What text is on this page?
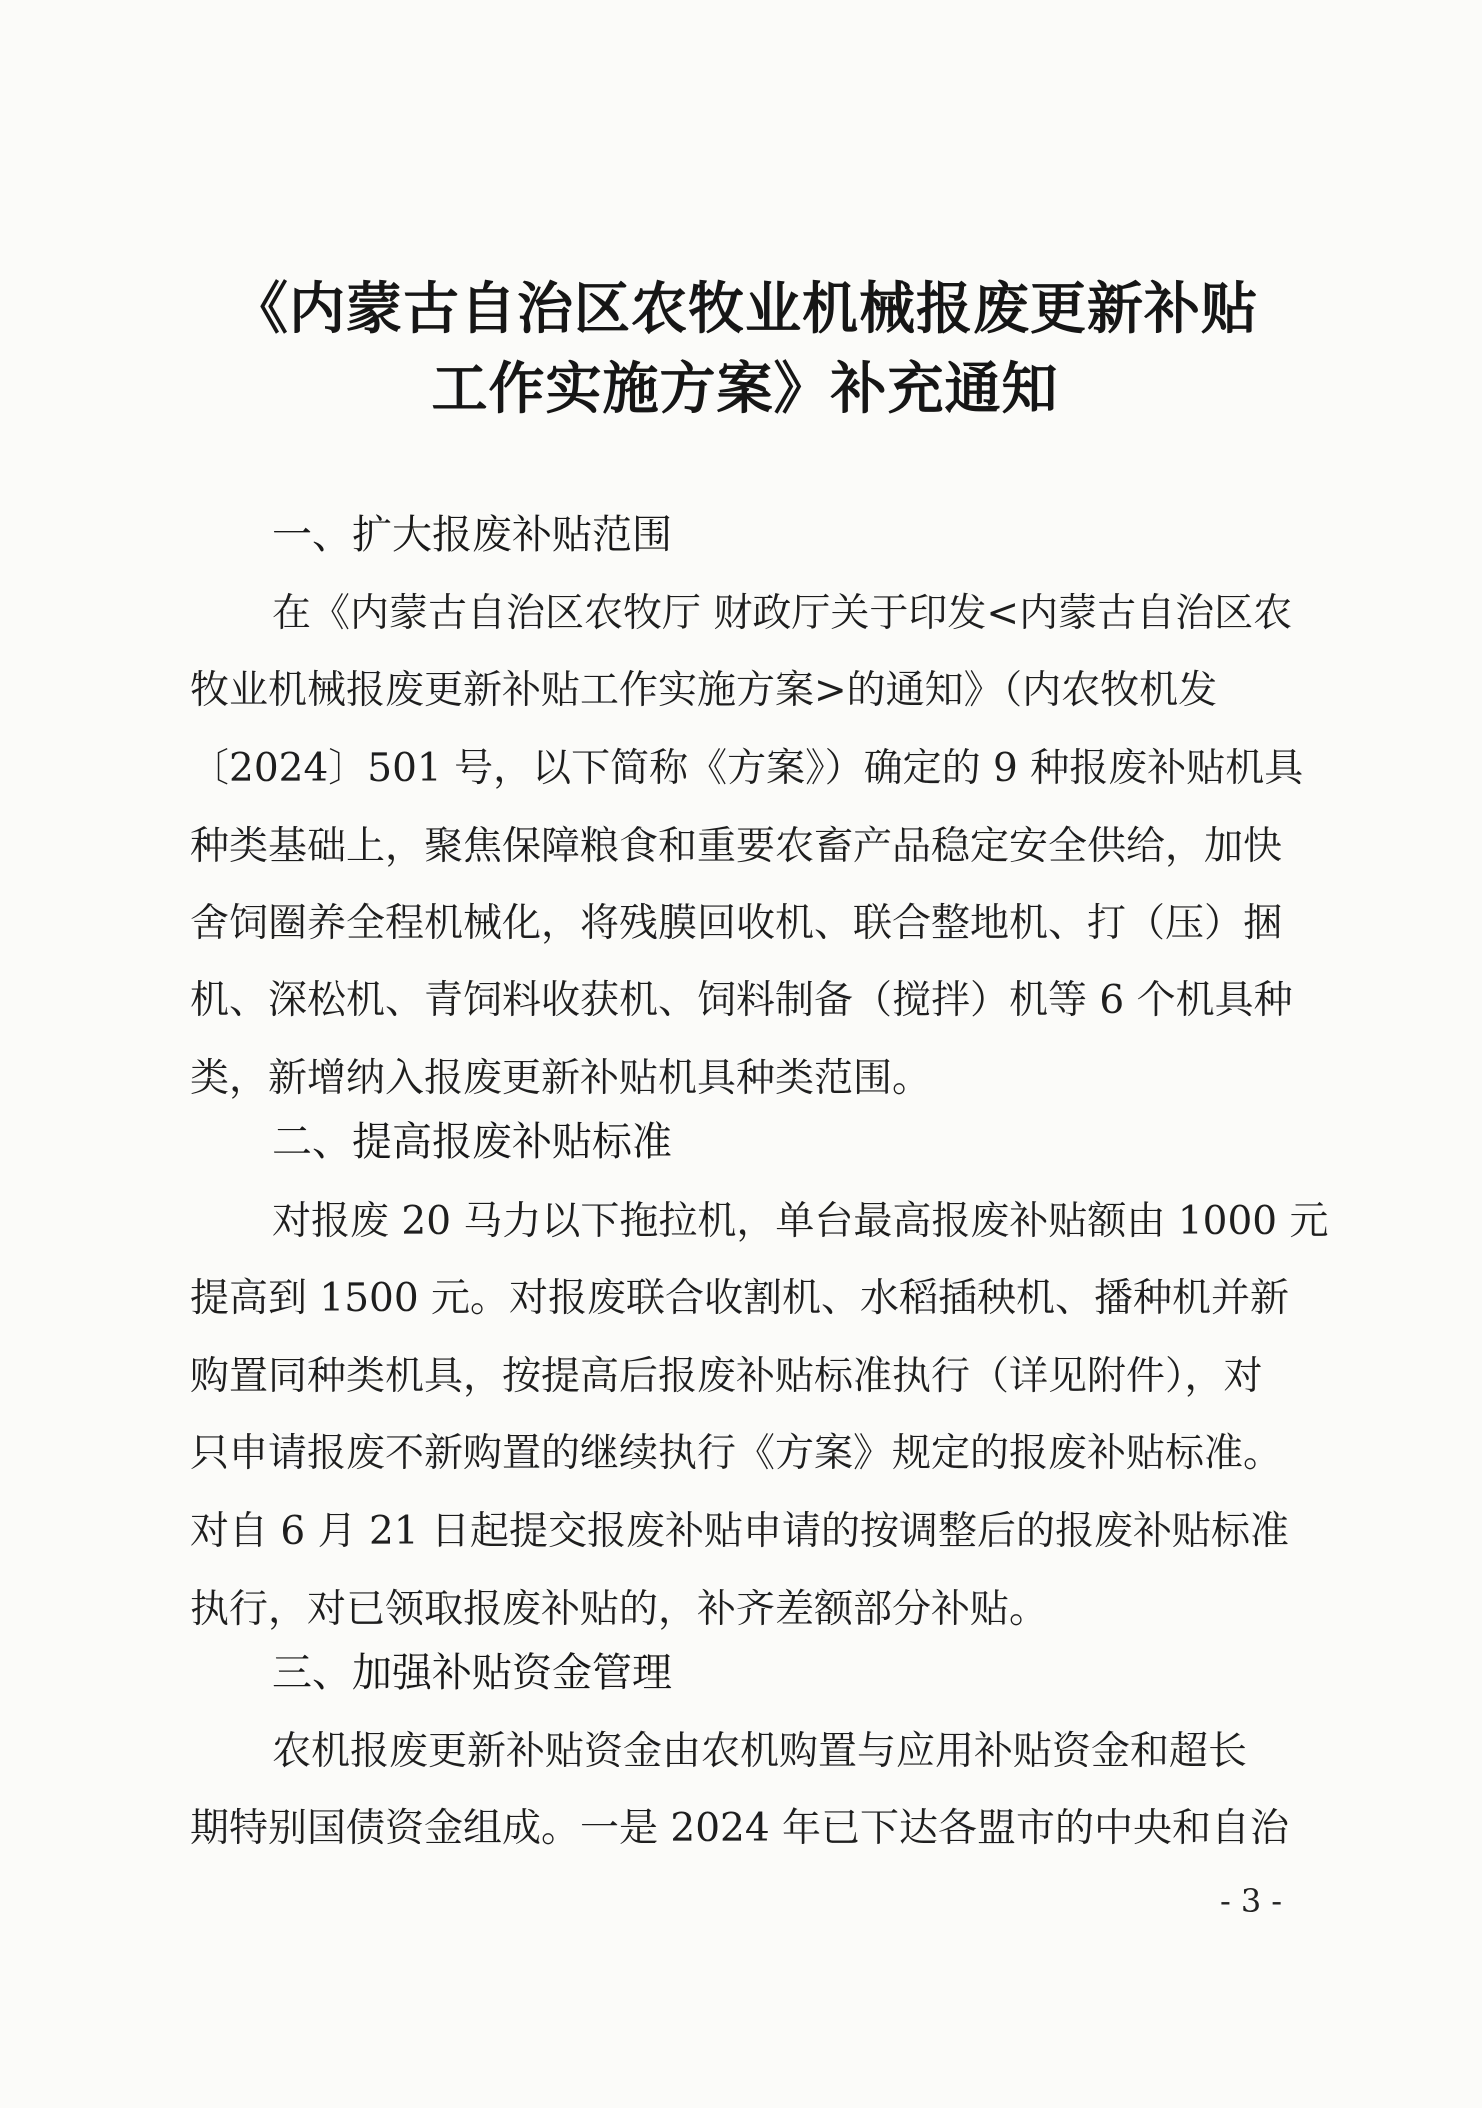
《内蒙古自治区农牧业机械报废更新补贴
工作实施方案》补充通知
一、扩大报废补贴范围
在《内蒙古自治区农牧厅 财政厅关于印发<内蒙古自治区农
牧业机械报废更新补贴工作实施方案>的通知》（内农牧机发
〔2024〕501 号，以下简称《方案》）确定的 9 种报废补贴机具
种类基础上，聚焦保障粮食和重要农畜产品稳定安全供给，加快
舍饲圈养全程机械化，将残膜回收机、联合整地机、打（压）捆
机、深松机、青饲料收获机、饲料制备（搅拌）机等 6 个机具种
类，新增纳入报废更新补贴机具种类范围。
二、提高报废补贴标准
对报废 20 马力以下拖拉机，单台最高报废补贴额由 1000 元
提高到 1500 元。对报废联合收割机、水稻插秧机、播种机并新
购置同种类机具，按提高后报废补贴标准执行（详见附件），对
只申请报废不新购置的继续执行《方案》规定的报废补贴标准。
对自 6 月 21 日起提交报废补贴申请的按调整后的报废补贴标准
执行，对已领取报废补贴的，补齐差额部分补贴。
三、加强补贴资金管理
农机报废更新补贴资金由农机购置与应用补贴资金和超长
期特别国债资金组成。一是 2024 年已下达各盟市的中央和自治
- 3 -
